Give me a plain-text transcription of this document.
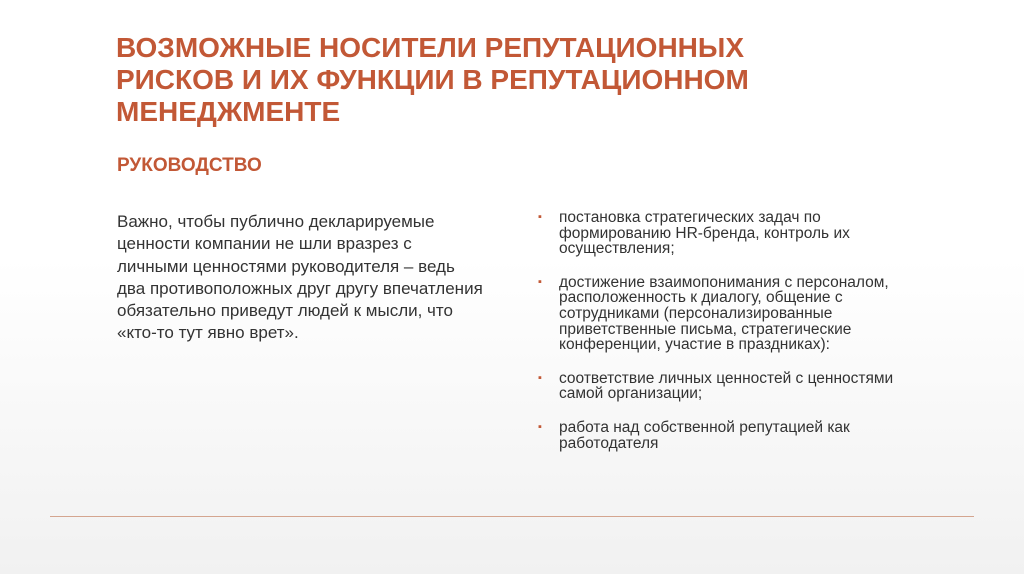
ВОЗМОЖНЫЕ НОСИТЕЛИ РЕПУТАЦИОННЫХ
РИСКОВ И ИХ ФУНКЦИИ В РЕПУТАЦИОННОМ
МЕНЕДЖМЕНТЕ
РУКОВОДСТВО

Важно, чтобы публично декларируемые ценности компании не шли вразрез с личными ценностями руководителя – ведь два противоположных друг другу впечатления обязательно приведут людей к мысли, что «кто-то тут явно врет».

▪ постановка стратегических задач по формированию HR-бренда, контроль их осуществления;
▪ достижение взаимопонимания с персоналом, расположенность к диалогу, общение с сотрудниками (персонализированные приветственные письма, стратегические конференции, участие в праздниках):
▪ соответствие личных ценностей с ценностями самой организации;
▪ работа над собственной репутацией как работодателя
